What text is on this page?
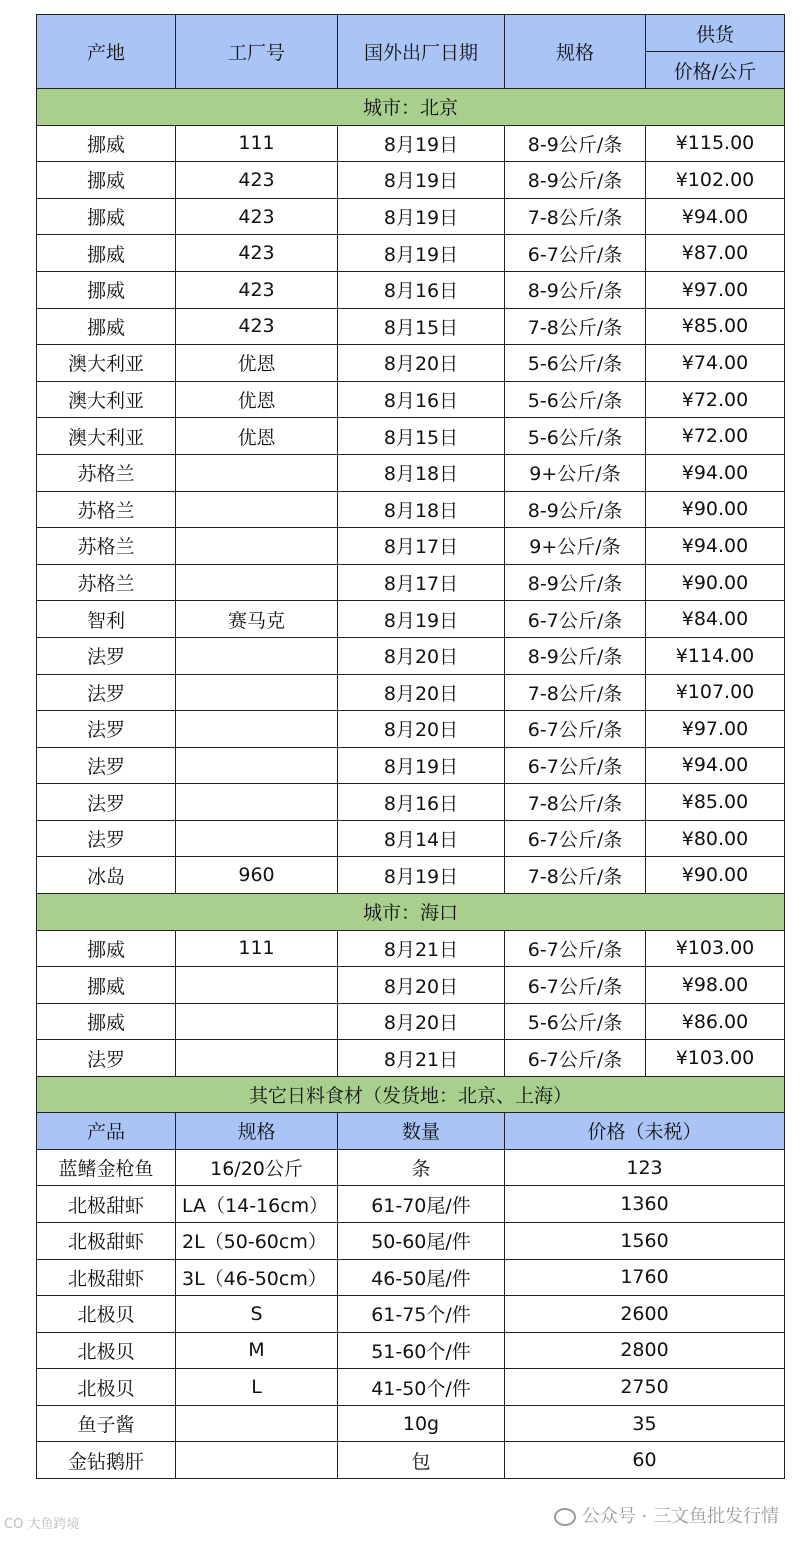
产地	工厂号	国外出厂日期	规格	供货
				价格/公斤
城市：北京				
挪威	111	8月19日	8-9公斤/条	¥115.00
挪威	423	8月19日	8-9公斤/条	¥102.00
挪威	423	8月19日	7-8公斤/条	¥94.00
挪威	423	8月19日	6-7公斤/条	¥87.00
挪威	423	8月16日	8-9公斤/条	¥97.00
挪威	423	8月15日	7-8公斤/条	¥85.00
澳大利亚	优恩	8月20日	5-6公斤/条	¥74.00
澳大利亚	优恩	8月16日	5-6公斤/条	¥72.00
澳大利亚	优恩	8月15日	5-6公斤/条	¥72.00
苏格兰		8月18日	9+公斤/条	¥94.00
苏格兰		8月18日	8-9公斤/条	¥90.00
苏格兰		8月17日	9+公斤/条	¥94.00
苏格兰		8月17日	8-9公斤/条	¥90.00
智利	赛马克	8月19日	6-7公斤/条	¥84.00
法罗		8月20日	8-9公斤/条	¥114.00
法罗		8月20日	7-8公斤/条	¥107.00
法罗		8月20日	6-7公斤/条	¥97.00
法罗		8月19日	6-7公斤/条	¥94.00
法罗		8月16日	7-8公斤/条	¥85.00
法罗		8月14日	6-7公斤/条	¥80.00
冰岛	960	8月19日	7-8公斤/条	¥90.00
城市：海口				
挪威	111	8月21日	6-7公斤/条	¥103.00
挪威		8月20日	6-7公斤/条	¥98.00
挪威		8月20日	5-6公斤/条	¥86.00
法罗		8月21日	6-7公斤/条	¥103.00
其它日料食材（发货地：北京、上海）			
产品	规格	数量	价格（未税）
蓝鳍金枪鱼	16/20公斤	条	123
北极甜虾	LA（14-16cm）	61-70尾/件	1360
北极甜虾	2L（50-60cm）	50-60尾/件	1560
北极甜虾	3L（46-50cm）	46-50尾/件	1760
北极贝	S	61-75个/件	2600
北极贝	M	51-60个/件	2800
北极贝	L	41-50个/件	2750
鱼子酱		10g	35
金钻鹅肝		包	60
公众号 · 三文鱼批发行情
CO 大鱼跨境
